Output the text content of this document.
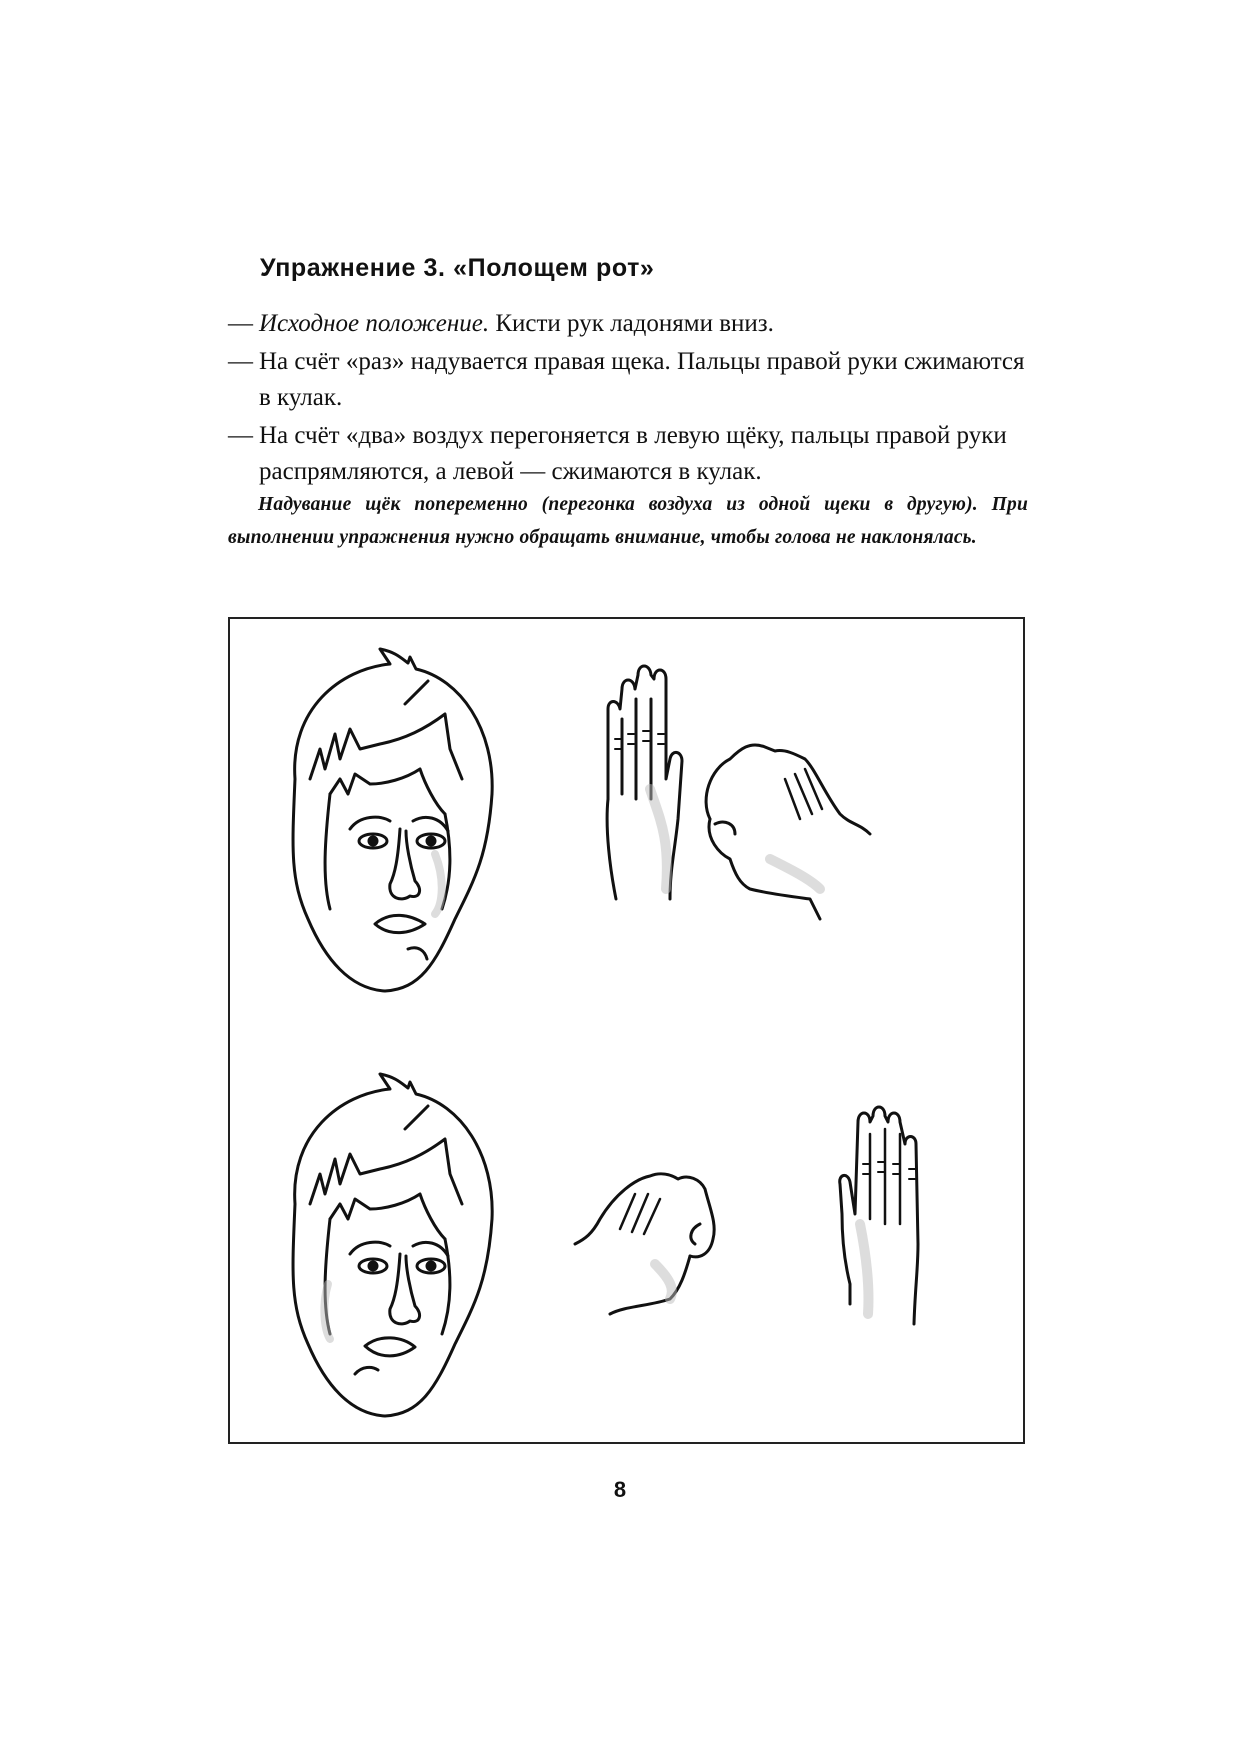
Упражнение 3. «Полощем рот»
— Исходное положение. Кисти рук ладонями вниз.
— На счёт «раз» надувается правая щека. Пальцы правой руки сжимаются в кулак.
— На счёт «два» воздух перегоняется в левую щёку, пальцы правой руки распрямляются, а левой — сжимаются в кулак.

Надувание щёк попеременно (перегонка воздуха из одной щеки в другую). При выполнении упражнения нужно обращать внимание, чтобы голова не наклонялась.

8
